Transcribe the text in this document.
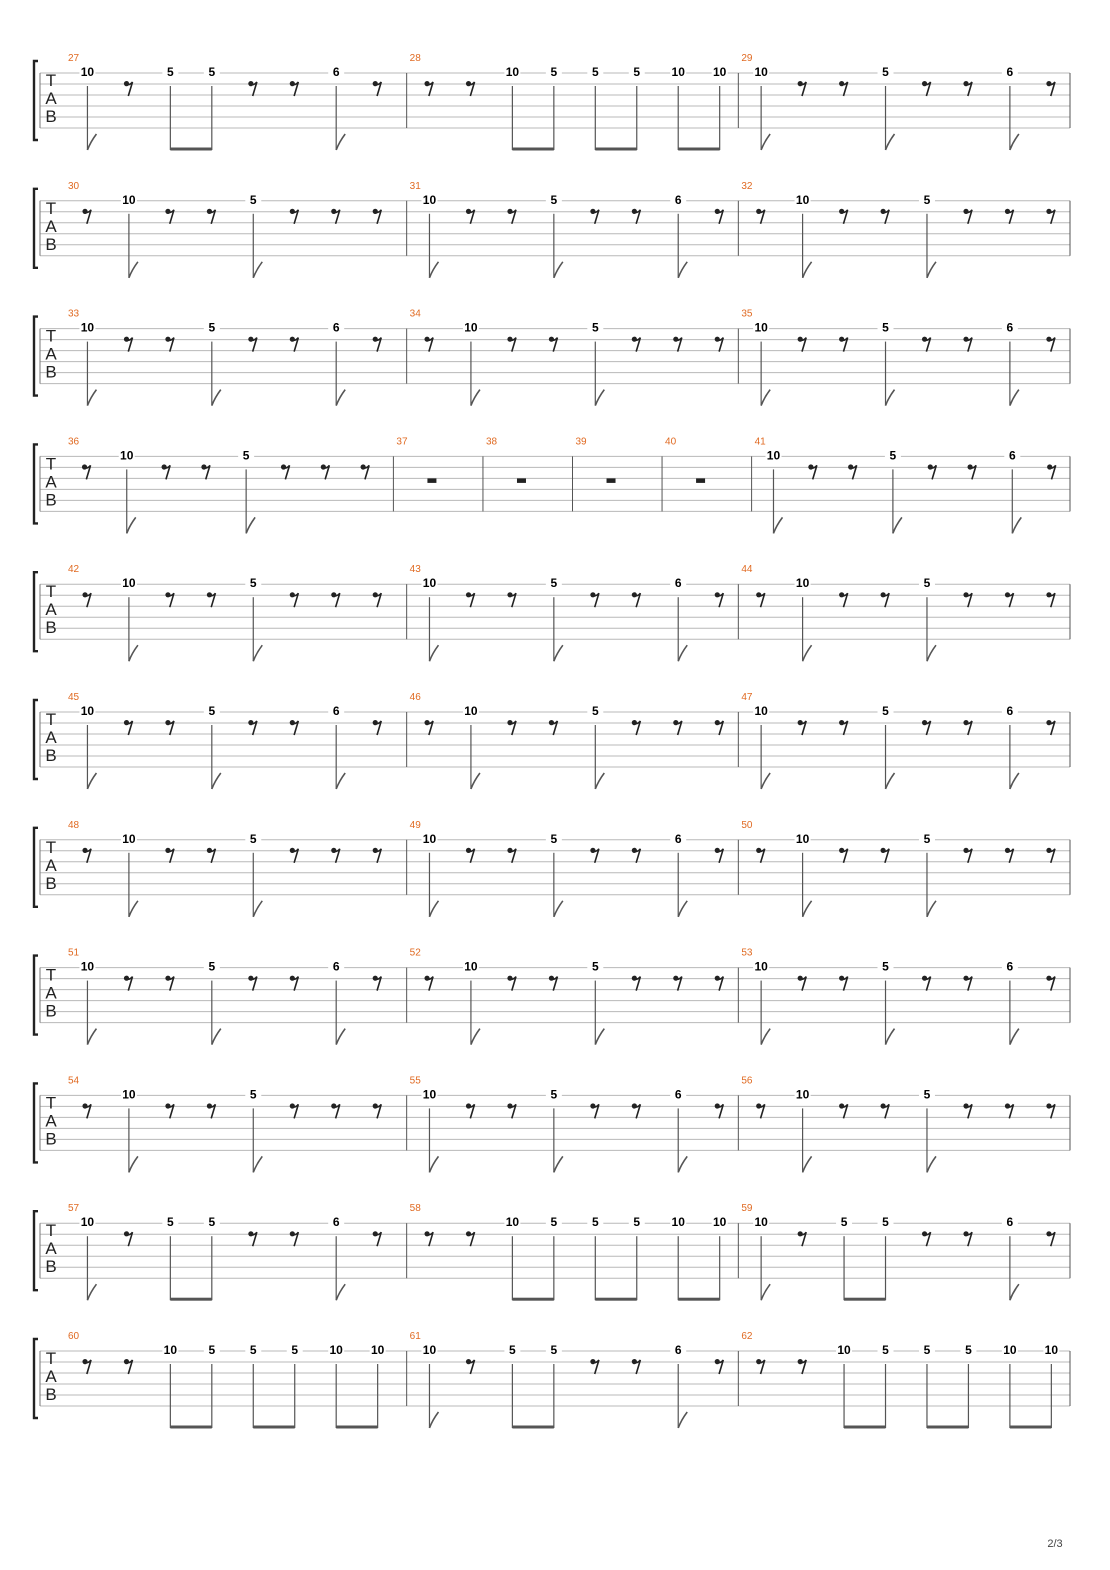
T
A
B
27
10	5	5	6
28
10	5	5	5	10 10
29
10	5	6
T
A
B
30
10	5
31
10	5	6
32
10	5
T
A
B
33
10	5	6
34
10	5
35
10	5	6
T
A
B
36
10	5
37	38	39	40	41
10	5	6
T
A
B
42
10	5
43
10	5	6
44
10	5
T
A
B
45
10	5	6
46
10	5
47
10	5	6
T
A
B
48
10	5
49
10	5	6
50
10	5
T
A
B
51
10	5	6
52
10	5
53
10	5	6
T
A
B
54
10	5
55
10	5	6
56
10	5
T
A
B
57
10	5	5	6
58
10	5	5	5	10 10
59
10	5	5	6
T
A
B
60
10	5	5	5	10 10
61
10	5	5	6
62
10	5	5	5	10 10
2/3
